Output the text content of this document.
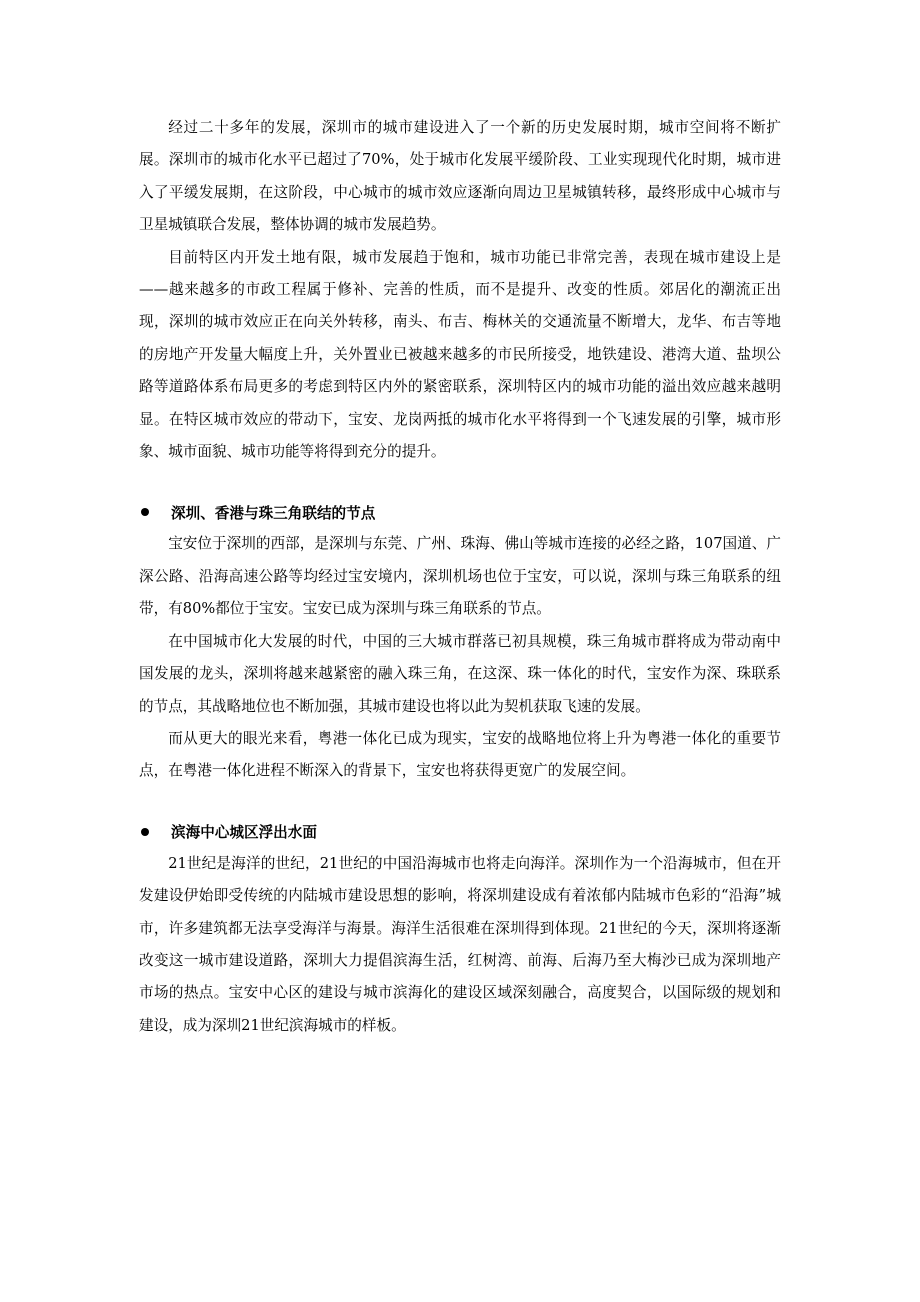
经过二十多年的发展，深圳市的城市建设进入了一个新的历史发展时期，城市空间将不断扩展。深圳市的城市化水平已超过了70%，处于城市化发展平缓阶段、工业实现现代化时期，城市进入了平缓发展期，在这阶段，中心城市的城市效应逐渐向周边卫星城镇转移，最终形成中心城市与卫星城镇联合发展，整体协调的城市发展趋势。

目前特区内开发土地有限，城市发展趋于饱和，城市功能已非常完善，表现在城市建设上是——越来越多的市政工程属于修补、完善的性质，而不是提升、改变的性质。郊居化的潮流正出现，深圳的城市效应正在向关外转移，南头、布吉、梅林关的交通流量不断增大，龙华、布吉等地的房地产开发量大幅度上升，关外置业已被越来越多的市民所接受，地铁建设、港湾大道、盐坝公路等道路体系布局更多的考虑到特区内外的紧密联系，深圳特区内的城市功能的溢出效应越来越明显。在特区城市效应的带动下，宝安、龙岗两抵的城市化水平将得到一个飞速发展的引擎，城市形象、城市面貌、城市功能等将得到充分的提升。

深圳、香港与珠三角联结的节点

宝安位于深圳的西部，是深圳与东莞、广州、珠海、佛山等城市连接的必经之路，107国道、广深公路、沿海高速公路等均经过宝安境内，深圳机场也位于宝安，可以说，深圳与珠三角联系的纽带，有80%都位于宝安。宝安已成为深圳与珠三角联系的节点。

在中国城市化大发展的时代，中国的三大城市群落已初具规模，珠三角城市群将成为带动南中国发展的龙头，深圳将越来越紧密的融入珠三角，在这深、珠一体化的时代，宝安作为深、珠联系的节点，其战略地位也不断加强，其城市建设也将以此为契机获取飞速的发展。

而从更大的眼光来看，粤港一体化已成为现实，宝安的战略地位将上升为粤港一体化的重要节点，在粤港一体化进程不断深入的背景下，宝安也将获得更宽广的发展空间。

滨海中心城区浮出水面

21世纪是海洋的世纪，21世纪的中国沿海城市也将走向海洋。深圳作为一个沿海城市，但在开发建设伊始即受传统的内陆城市建设思想的影响，将深圳建设成有着浓郁内陆城市色彩的“沿海”城市，许多建筑都无法享受海洋与海景。海洋生活很难在深圳得到体现。21世纪的今天，深圳将逐渐改变这一城市建设道路，深圳大力提倡滨海生活，红树湾、前海、后海乃至大梅沙已成为深圳地产市场的热点。宝安中心区的建设与城市滨海化的建设区域深刻融合，高度契合，以国际级的规划和建设，成为深圳21世纪滨海城市的样板。
